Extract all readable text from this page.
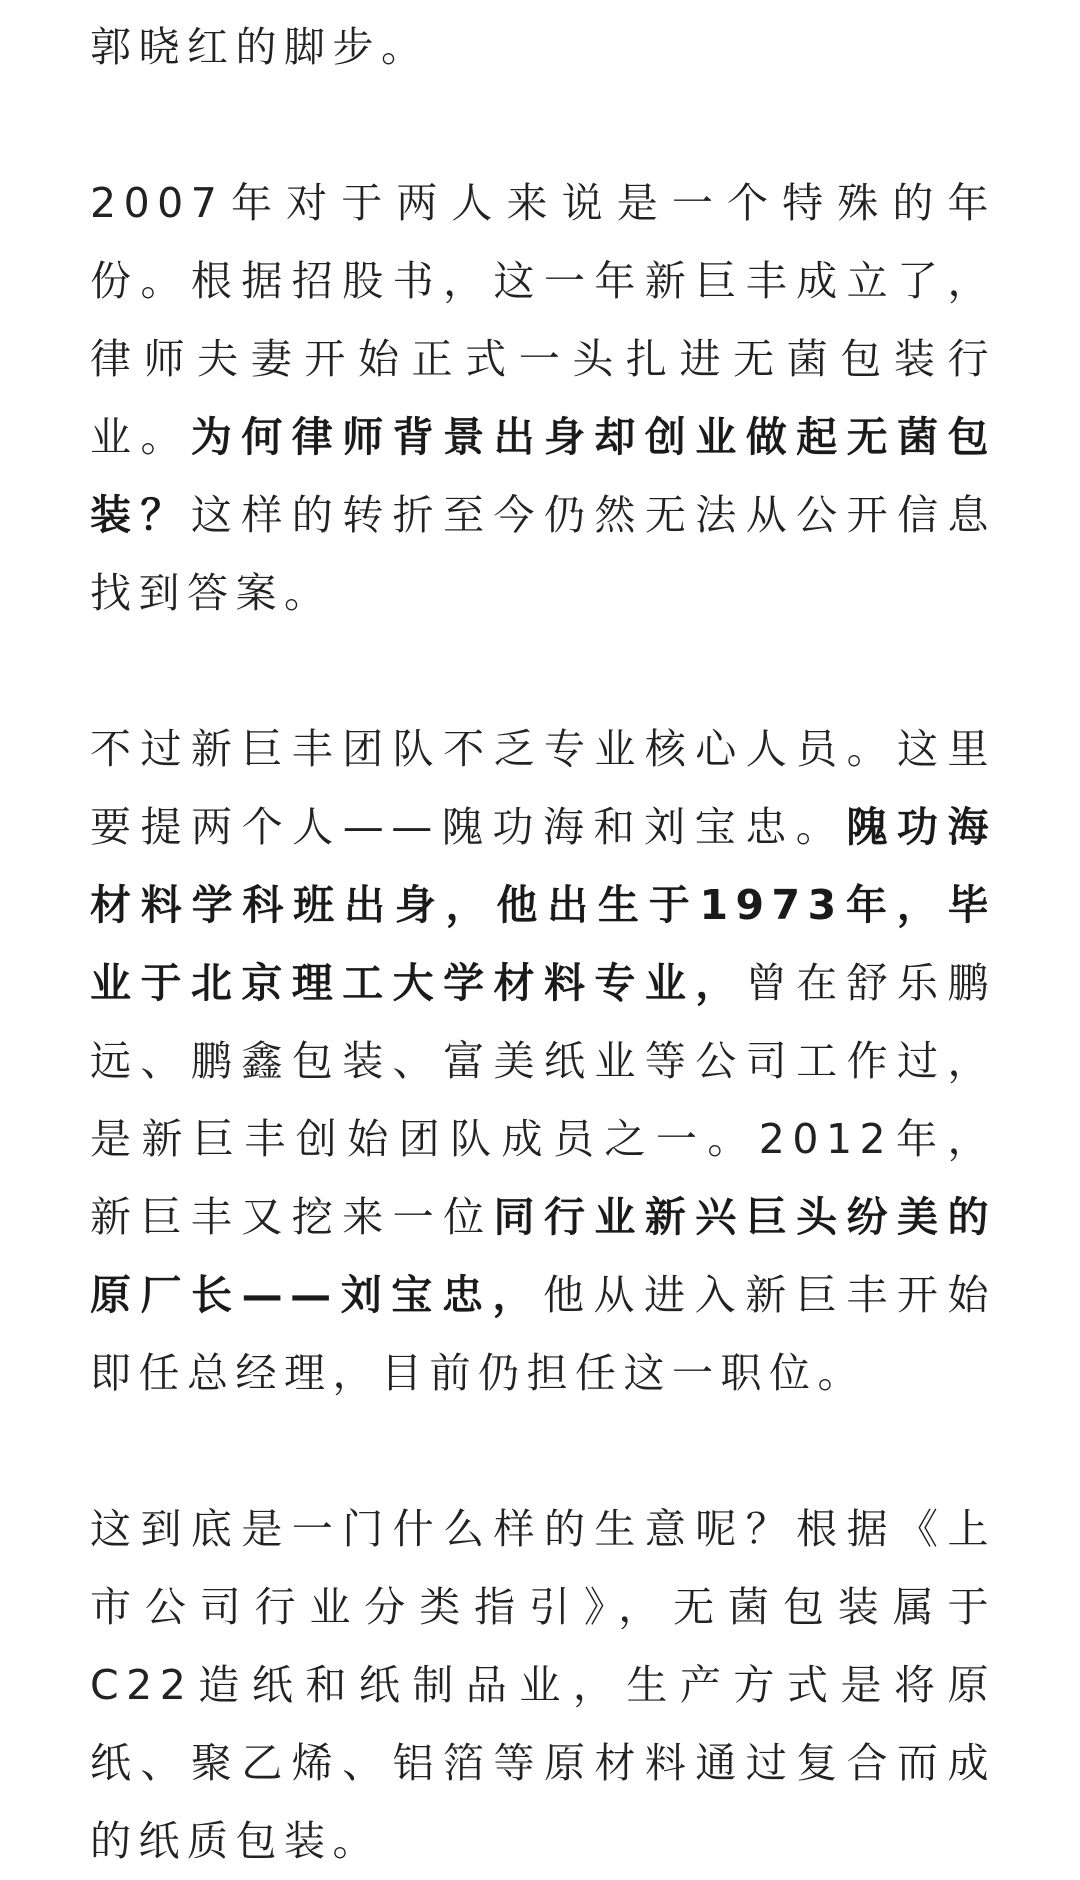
郭晓红的脚步。

2007年对于两人来说是一个特殊的年份。根据招股书，这一年新巨丰成立了，律师夫妻开始正式一头扎进无菌包装行业。为何律师背景出身却创业做起无菌包装？这样的转折至今仍然无法从公开信息找到答案。

不过新巨丰团队不乏专业核心人员。这里要提两个人——隗功海和刘宝忠。隗功海材料学科班出身，他出生于1973年，毕业于北京理工大学材料专业，曾在舒乐鹏远、鹏鑫包装、富美纸业等公司工作过，是新巨丰创始团队成员之一。2012年，新巨丰又挖来一位同行业新兴巨头纷美的原厂长——刘宝忠，他从进入新巨丰开始即任总经理，目前仍担任这一职位。

这到底是一门什么样的生意呢？根据《上市公司行业分类指引》，无菌包装属于C22造纸和纸制品业，生产方式是将原纸、聚乙烯、铝箔等原材料通过复合而成的纸质包装。
